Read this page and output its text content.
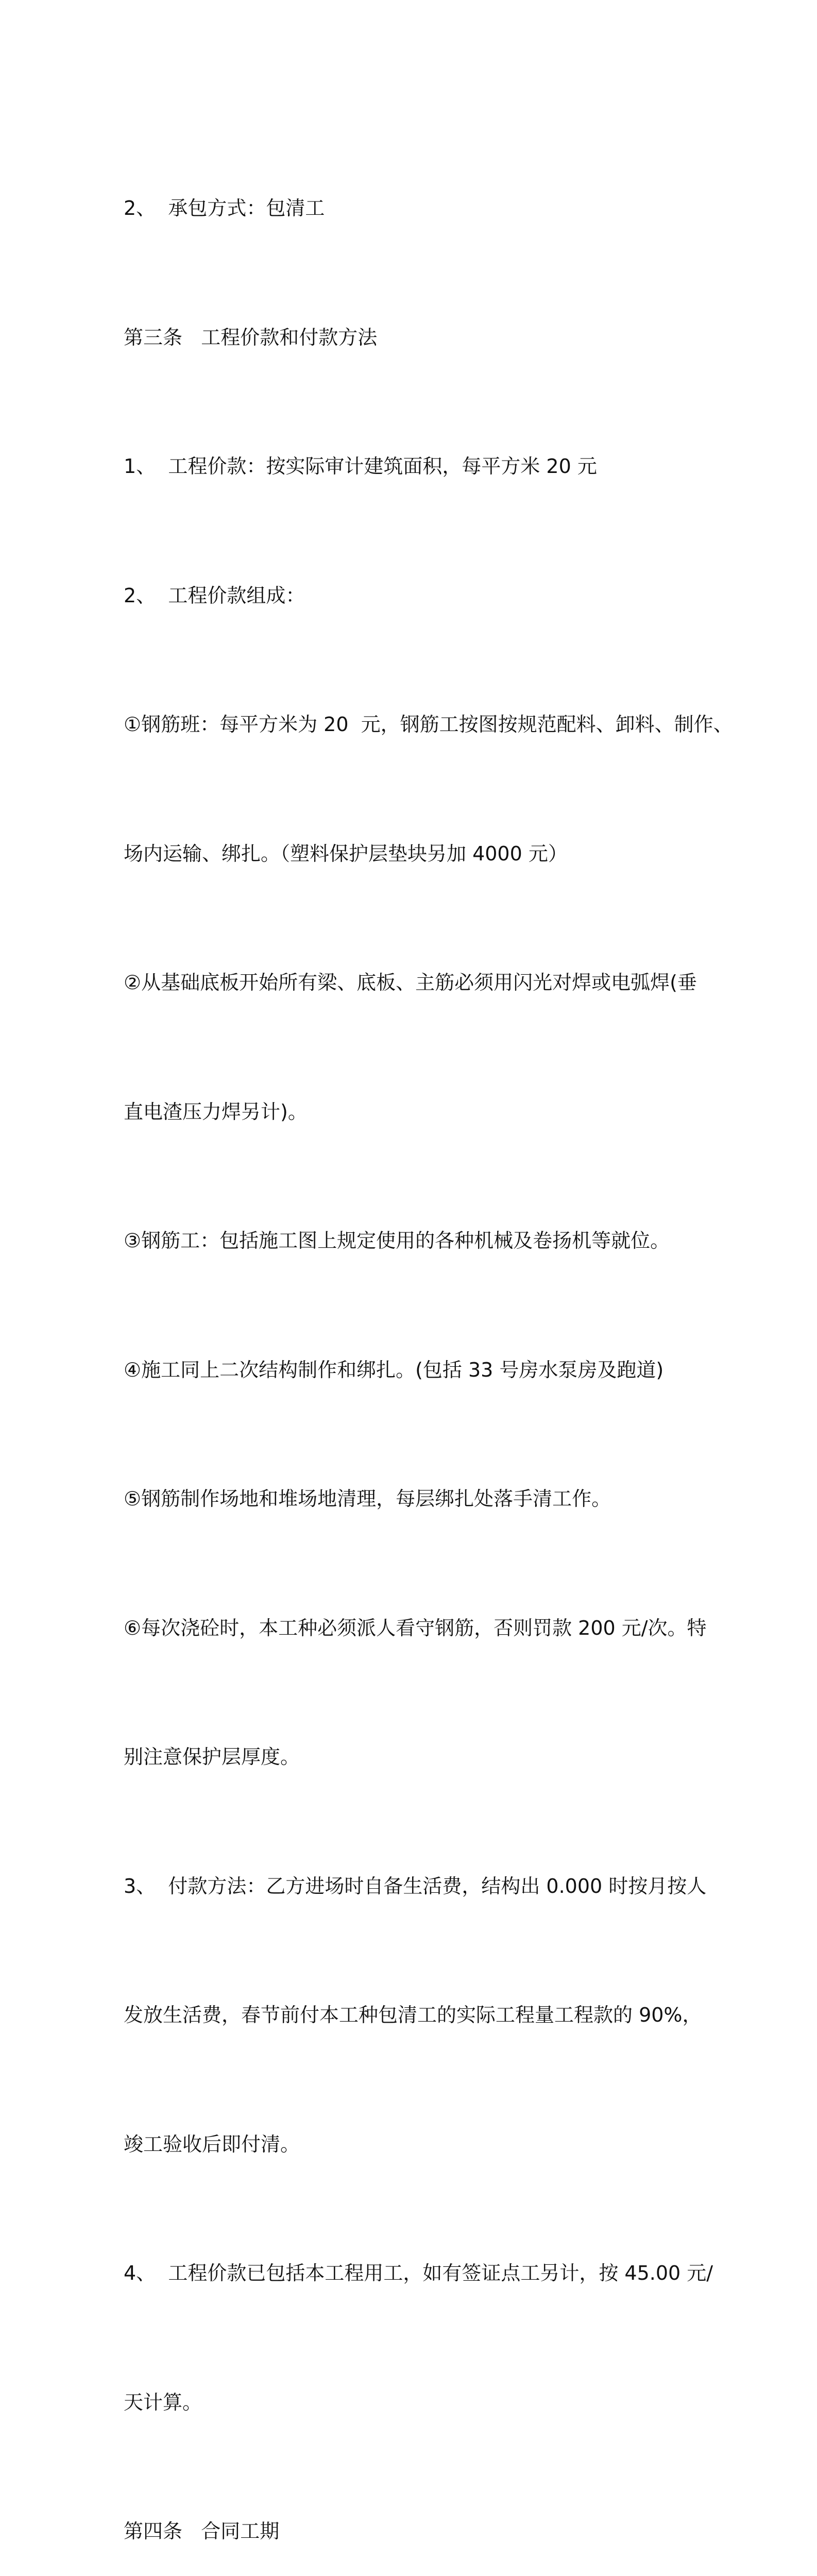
2、  承包方式：包清工

第三条   工程价款和付款方法

1、  工程价款：按实际审计建筑面积，每平方米 20 元

2、  工程价款组成：

①钢筋班：每平方米为 20  元，钢筋工按图按规范配料、卸料、制作、

场内运输、绑扎。（塑料保护层垫块另加 4000 元）

②从基础底板开始所有梁、底板、主筋必须用闪光对焊或电弧焊(垂

直电渣压力焊另计)。

③钢筋工：包括施工图上规定使用的各种机械及卷扬机等就位。

④施工同上二次结构制作和绑扎。(包括 33 号房水泵房及跑道)

⑤钢筋制作场地和堆场地清理，每层绑扎处落手清工作。

⑥每次浇砼时，本工种必须派人看守钢筋，否则罚款 200 元/次。特

别注意保护层厚度。

3、  付款方法：乙方进场时自备生活费，结构出 0.000 时按月按人

发放生活费，春节前付本工种包清工的实际工程量工程款的 90%，

竣工验收后即付清。

4、  工程价款已包括本工程用工，如有签证点工另计，按 45.00 元/

天计算。

第四条   合同工期
